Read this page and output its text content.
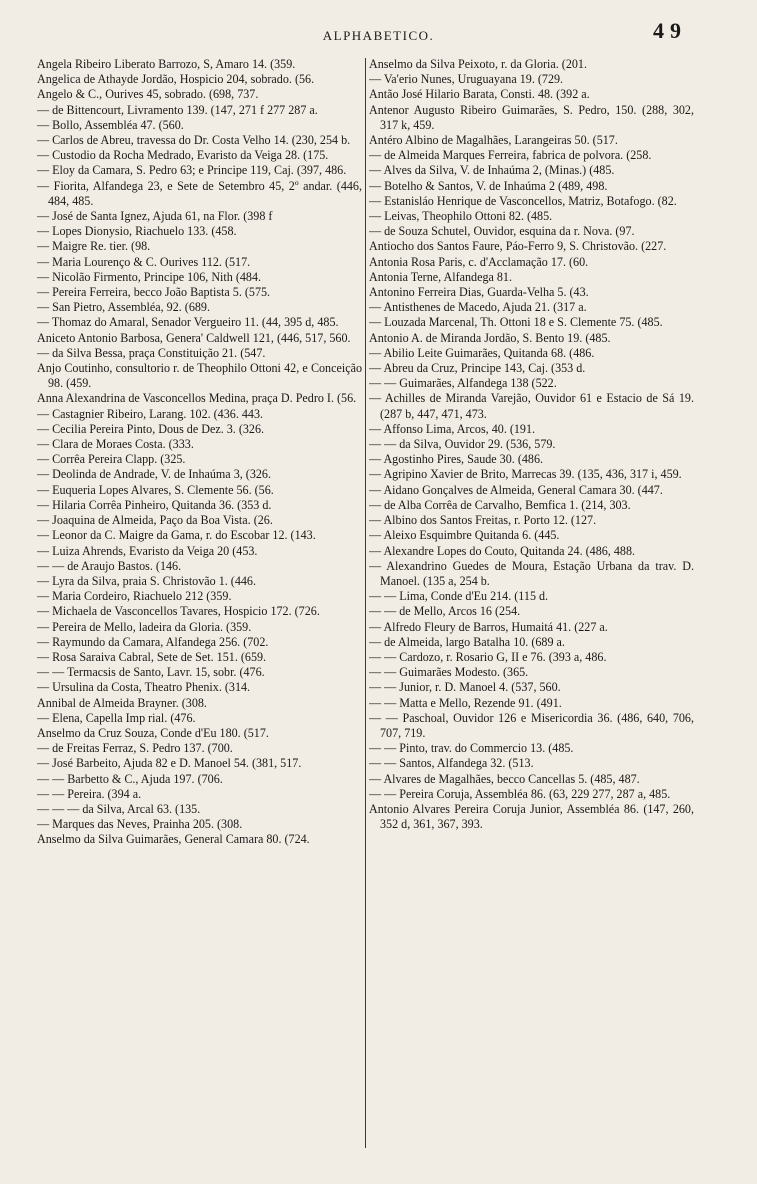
ALPHABETICO.	49

Angela Ribeiro Liberato Barrozo, S, Amaro 14. (359.

Angelica de Athayde Jordão, Hospicio 204, sobrado. (56.

Angelo & C., Ourives 45, sobrado. (698, 737.

— de Bittencourt, Livramento 139. (147, 271 f 277 287 a.

— Bollo, Assembléa 47. (560.

— Carlos de Abreu, travessa do Dr. Costa Velho 14. (230, 254 b.

— Custodio da Rocha Medrado, Evaristo da Veiga 28. (175.

— Eloy da Camara, S. Pedro 63; e Principe 119, Caj. (397, 486.

— Fiorita, Alfandega 23, e Sete de Setembro 45, 2º andar. (446, 484, 485.

— José de Santa Ignez, Ajuda 61, na Flor. (398 f

— Lopes Dionysio, Riachuelo 133. (458.

— Maigre Re. tier. (98.

— Maria Lourenço & C. Ourives 112. (517.

— Nicolão Firmento, Principe 106, Nith (484.

— Pereira Ferreira, becco João Baptista 5. (575.

— San Pietro, Assembléa, 92. (689.

— Thomaz do Amaral, Senador Vergueiro 11. (44, 395 d, 485.

Aniceto Antonio Barbosa, Genera' Caldwell 121, (446, 517, 560.

— da Silva Bessa, praça Constituição 21. (547.

Anjo Coutinho, consultorio r. de Theophilo Ottoni 42, e Conceição 98. (459.

Anna Alexandrina de Vasconcellos Medina, praça D. Pedro I. (56.

— Castagnier Ribeiro, Larang. 102. (436. 443.

— Cecilia Pereira Pinto, Dous de Dez. 3. (326.

— Clara de Moraes Costa. (333.

— Corrêa Pereira Clapp. (325.

— Deolinda de Andrade, V. de Inhaúma 3, (326.

— Euqueria Lopes Alvares, S. Clemente 56. (56.

— Hilaria Corrêa Pinheiro, Quitanda 36. (353 d.

— Joaquina de Almeida, Paço da Boa Vista. (26.

— Leonor da C. Maigre da Gama, r. do Escobar 12. (143.

— Luiza Ahrends, Evaristo da Veiga 20 (453.

— — de Araujo Bastos. (146.

— Lyra da Silva, praia S. Christovão 1. (446.

— Maria Cordeiro, Riachuelo 212 (359.

— Michaela de Vasconcellos Tavares, Hospicio 172. (726.

— Pereira de Mello, ladeira da Gloria. (359.

— Raymundo da Camara, Alfandega 256. (702.

— Rosa Saraiva Cabral, Sete de Set. 151. (659.

— — Termacsis de Santo, Lavr. 15, sobr. (476.

— Ursulina da Costa, Theatro Phenix. (314.

Annibal de Almeida Brayner. (308.

— Elena, Capella Imp rial. (476.

Anselmo da Cruz Souza, Conde d'Eu 180. (517.

— de Freitas Ferraz, S. Pedro 137. (700.

— José Barbeito, Ajuda 82 e D. Manoel 54. (381, 517.

— — Barbetto & C., Ajuda 197. (706.

— — Pereira. (394 a.

— — — da Silva, Arcal 63. (135.

— Marques das Neves, Prainha 205. (308.

Anselmo da Silva Guimarães, General Camara 80. (724.

Anselmo da Silva Peixoto, r. da Gloria. (201.

— Va'erio Nunes, Uruguayana 19. (729.

Antão José Hilario Barata, Consti. 48. (392 a.

Antenor Augusto Ribeiro Guimarães, S. Pedro, 150. (288, 302, 317 k, 459.

Antéro Albino de Magalhães, Larangeiras 50. (517.

— de Almeida Marques Ferreira, fabrica de polvora. (258.

— Alves da Silva, V. de Inhaúma 2, (Minas.) (485.

— Botelho & Santos, V. de Inhaúma 2 (489, 498.

— Estanisláo Henrique de Vasconcellos, Matriz, Botafogo. (82.

— Leivas, Theophilo Ottoni 82. (485.

— de Souza Schutel, Ouvidor, esquina da r. Nova. (97.

Antiocho dos Santos Faure, Páo-Ferro 9, S. Christovão. (227.

Antonia Rosa Paris, c. d'Acclamação 17. (60.

Antonia Terne, Alfandega 81.

Antonino Ferreira Dias, Guarda-Velha 5. (43.

— Antisthenes de Macedo, Ajuda 21. (317 a.

— Louzada Marcenal, Th. Ottoni 18 e S. Clemente 75. (485.

Antonio A. de Miranda Jordão, S. Bento 19. (485.

— Abilio Leite Guimarães, Quitanda 68. (486.

— Abreu da Cruz, Principe 143, Caj. (353 d.

— — Guimarães, Alfandega 138 (522.

— Achilles de Miranda Varejão, Ouvidor 61 e Estacio de Sá 19. (287 b, 447, 471, 473.

— Affonso Lima, Arcos, 40. (191.

— — da Silva, Ouvidor 29. (536, 579.

— Agostinho Pires, Saude 30. (486.

— Agripino Xavier de Brito, Marrecas 39. (135, 436, 317 i, 459.

— Aidano Gonçalves de Almeida, General Camara 30. (447.

— de Alba Corrêa de Carvalho, Bemfica 1. (214, 303.

— Albino dos Santos Freitas, r. Porto 12. (127.

— Aleixo Esquimbre Quitanda 6. (445.

— Alexandre Lopes do Couto, Quitanda 24. (486, 488.

— Alexandrino Guedes de Moura, Estação Urbana da trav. D. Manoel. (135 a, 254 b.

— — Lima, Conde d'Eu 214. (115 d.

— — de Mello, Arcos 16 (254.

— Alfredo Fleury de Barros, Humaitá 41. (227 a.

— de Almeida, largo Batalha 10. (689 a.

— — Cardozo, r. Rosario G, II e 76. (393 a, 486.

— — Guimarães Modesto. (365.

— — Junior, r. D. Manoel 4. (537, 560.

— — Matta e Mello, Rezende 91. (491.

— — Paschoal, Ouvidor 126 e Misericordia 36. (486, 640, 706, 707, 719.

— — Pinto, trav. do Commercio 13. (485.

— — Santos, Alfandega 32. (513.

— Alvares de Magalhães, becco Cancellas 5. (485, 487.

— — Pereira Coruja, Assembléa 86. (63, 229 277, 287 a, 485.

Antonio Alvares Pereira Coruja Junior, Assembléa 86. (147, 260, 352 d, 361, 367, 393.
